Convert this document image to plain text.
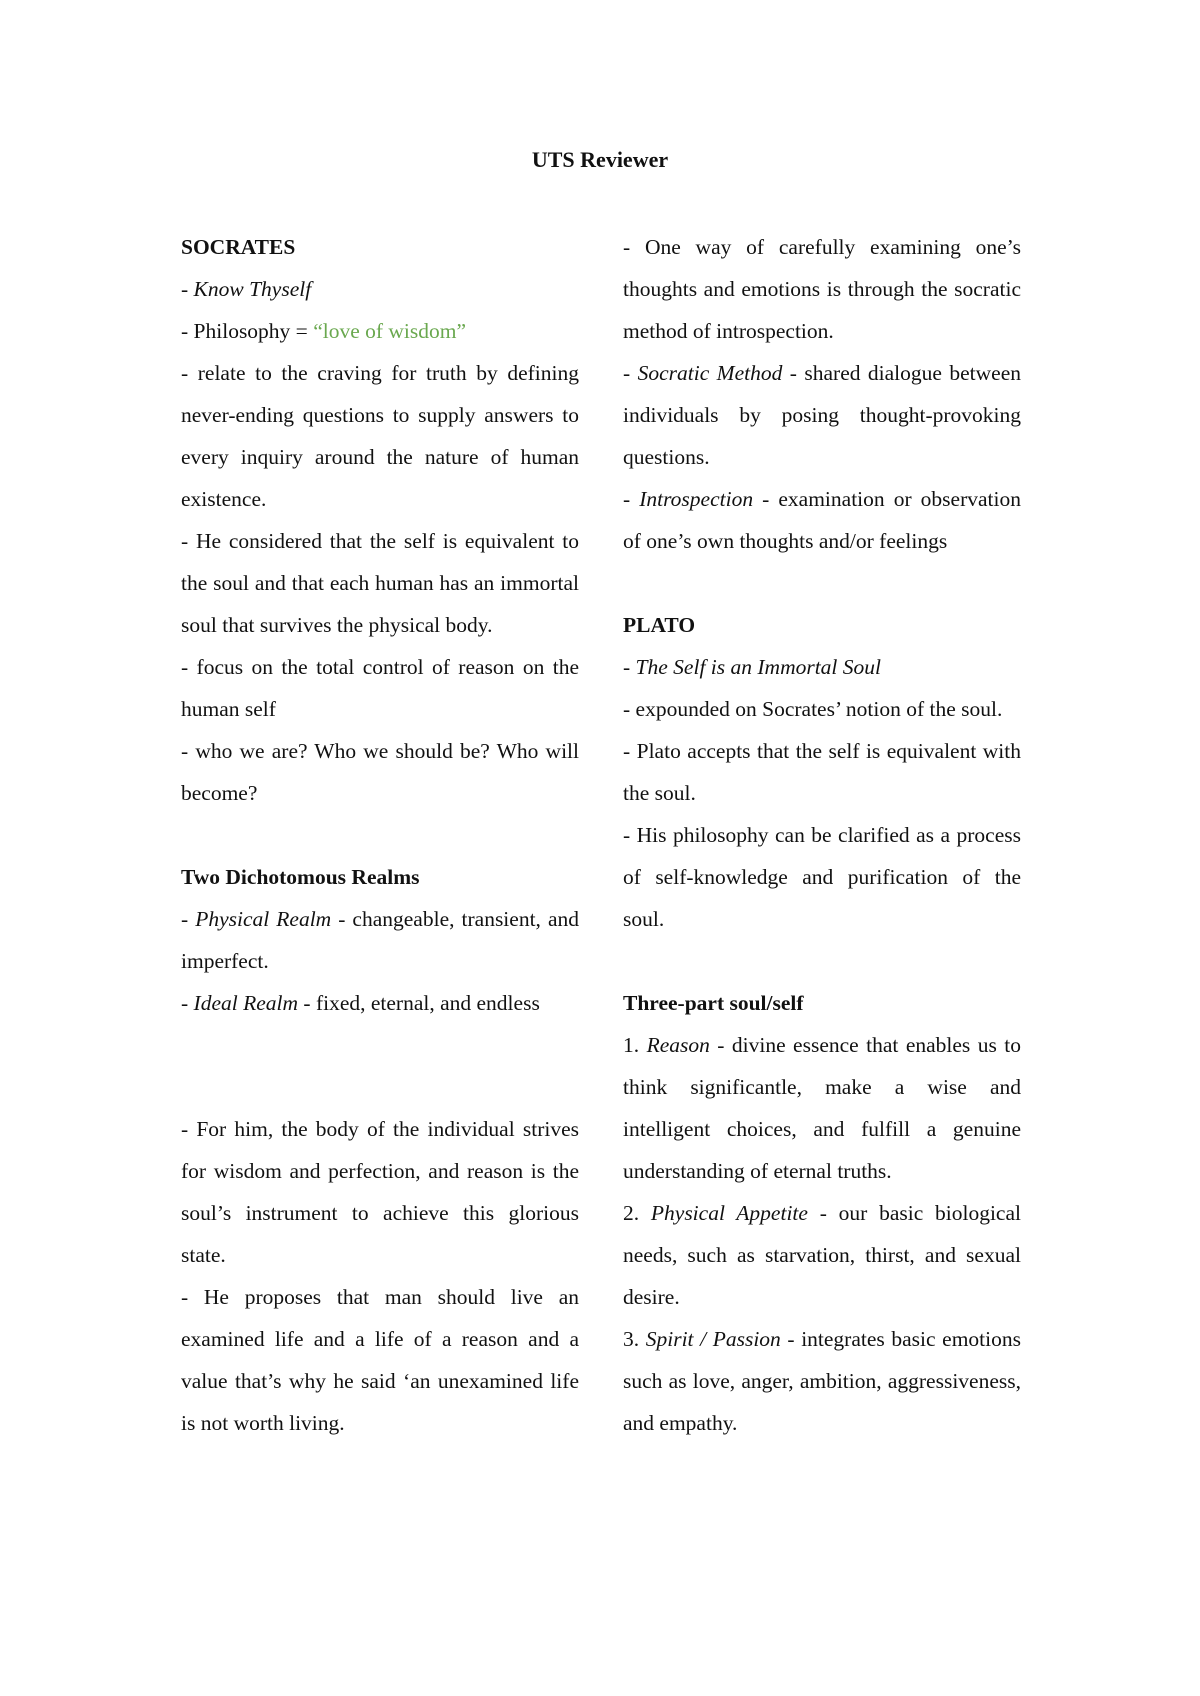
UTS Reviewer

SOCRATES

- Know Thyself

- Philosophy = “love of wisdom”

- relate to the craving for truth by defining never-ending questions to supply answers to every inquiry around the nature of human existence.

- He considered that the self is equivalent to the soul and that each human has an immortal soul that survives the physical body.

- focus on the total control of reason on the human self

- who we are? Who we should be? Who will become?

Two Dichotomous Realms

- Physical Realm - changeable, transient, and imperfect.

- Ideal Realm - fixed, eternal, and endless

- For him, the body of the individual strives for wisdom and perfection, and reason is the soul’s instrument to achieve this glorious state.

- He proposes that man should live an examined life and a life of a reason and a value that’s why he said ‘an unexamined life is not worth living.

- One way of carefully examining one’s thoughts and emotions is through the socratic method of introspection.

- Socratic Method - shared dialogue between individuals by posing thought-provoking questions.

- Introspection - examination or observation of one’s own thoughts and/or feelings

PLATO

- The Self is an Immortal Soul

- expounded on Socrates’ notion of the soul.

- Plato accepts that the self is equivalent with the soul.

- His philosophy can be clarified as a process of self-knowledge and purification of the soul.

Three-part soul/self

1. Reason - divine essence that enables us to think significantle, make a wise and intelligent choices, and fulfill a genuine understanding of eternal truths.

2. Physical Appetite - our basic biological needs, such as starvation, thirst, and sexual desire.

3. Spirit / Passion - integrates basic emotions such as love, anger, ambition, aggressiveness, and empathy.
